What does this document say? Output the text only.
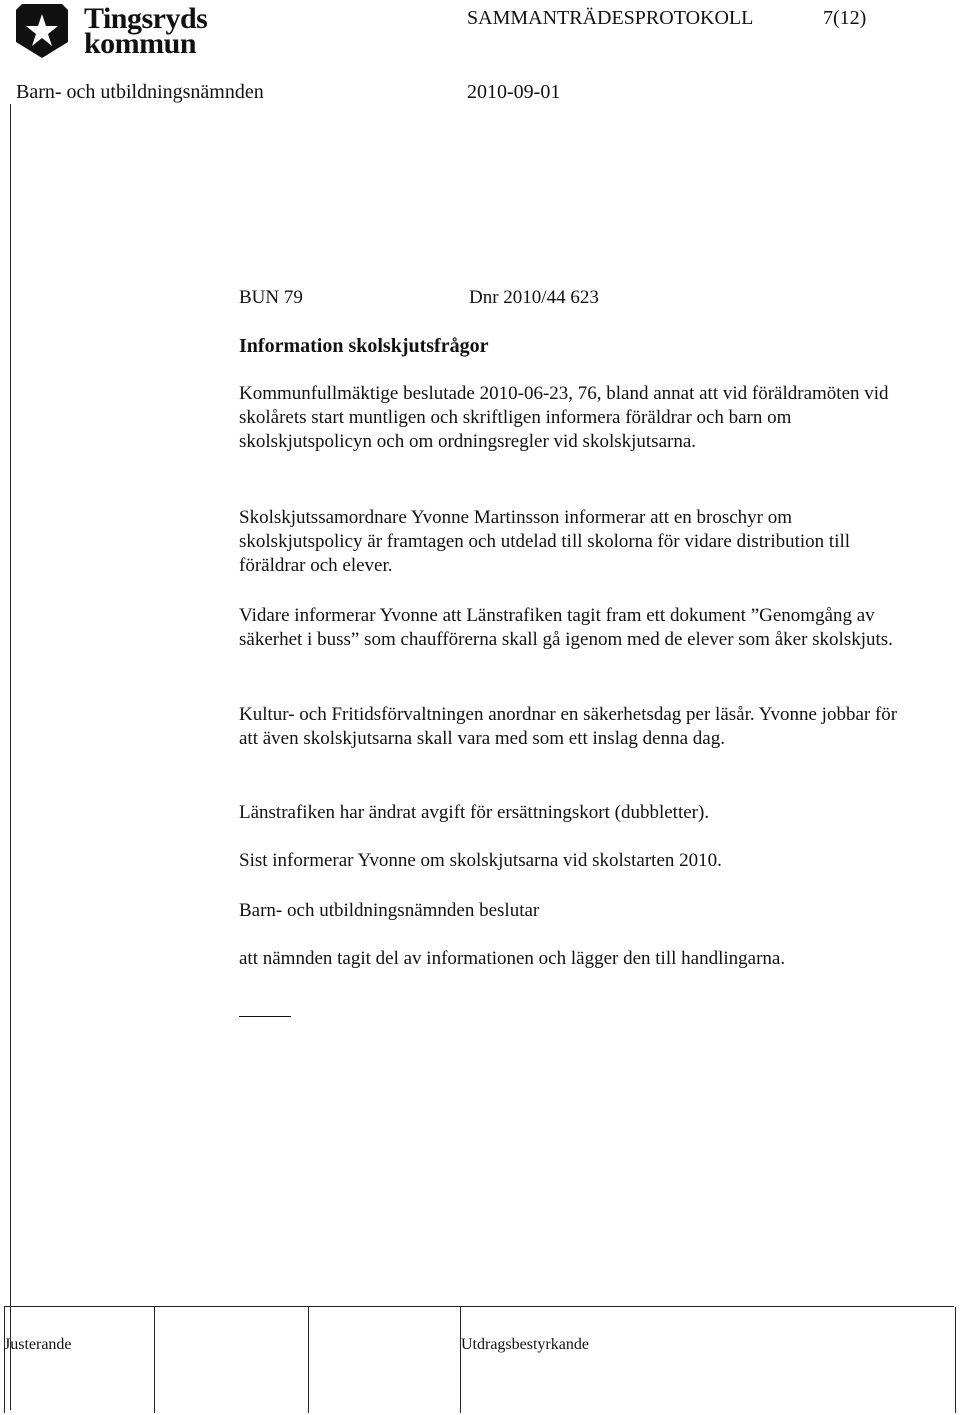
Tingsryds
kommun
SAMMANTRÄDESPROTOKOLL	7(12)
Barn- och utbildningsnämnden	2010-09-01
BUN 79	Dnr 2010/44 623
Information skolskjutsfrågor

Kommunfullmäktige beslutade 2010-06-23, 76, bland annat att vid föräldramöten vid skolårets start muntligen och skriftligen informera föräldrar och barn om skolskjutspolicyn och om ordningsregler vid skolskjutsarna.

Skolskjutssamordnare Yvonne Martinsson informerar att en broschyr om skolskjutspolicy är framtagen och utdelad till skolorna för vidare distribution till föräldrar och elever.

Vidare informerar Yvonne att Länstrafiken tagit fram ett dokument ”Genomgång av säkerhet i buss” som chaufförerna skall gå igenom med de elever som åker skolskjuts.

Kultur- och Fritidsförvaltningen anordnar en säkerhetsdag per läsår. Yvonne jobbar för att även skolskjutsarna skall vara med som ett inslag denna dag.

Länstrafiken har ändrat avgift för ersättningskort (dubbletter).

Sist informerar Yvonne om skolskjutsarna vid skolstarten 2010.

Barn- och utbildningsnämnden beslutar
att nämnden tagit del av informationen och lägger den till handlingarna.
Justerande	Utdragsbestyrkande
